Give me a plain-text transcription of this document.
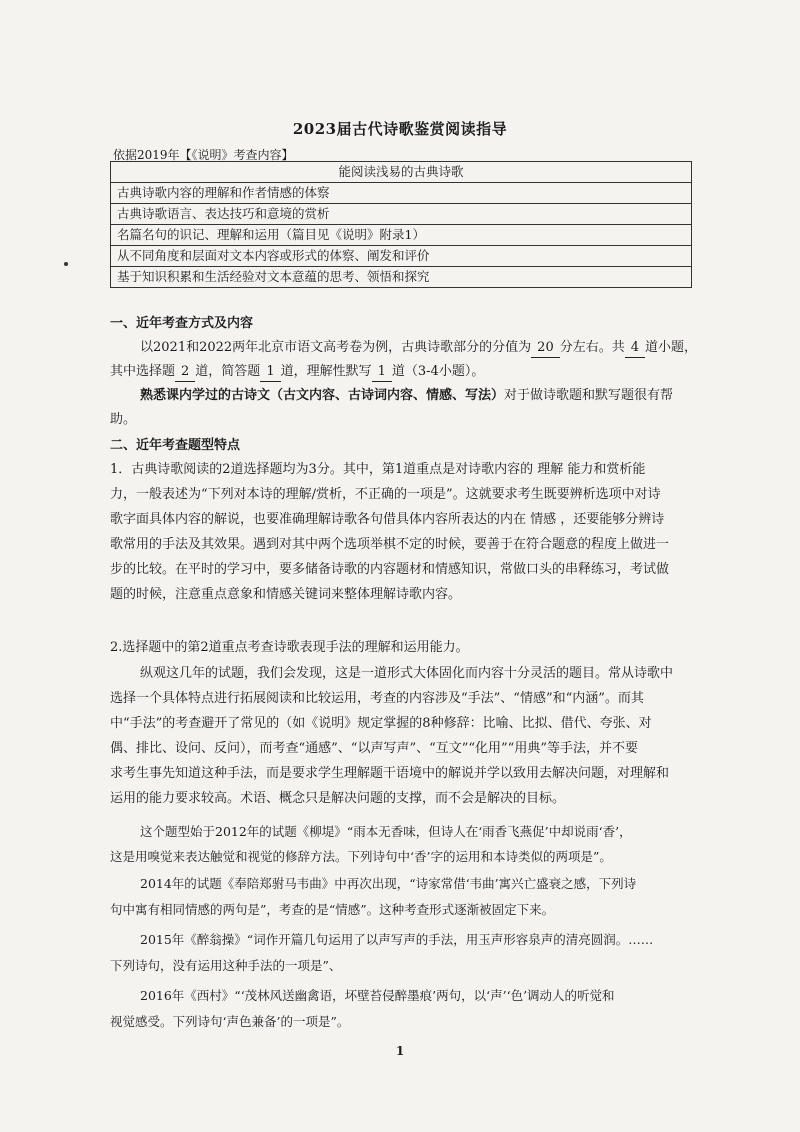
2023届古代诗歌鉴赏阅读指导
依据2019年【《说明》考查内容】
能阅读浅易的古典诗歌
古典诗歌内容的理解和作者情感的体察
古典诗歌语言、表达技巧和意境的赏析
名篇名句的识记、理解和运用（篇目见《说明》附录1）
从不同角度和层面对文本内容或形式的体察、阐发和评价
基于知识积累和生活经验对文本意蕴的思考、领悟和探究
一、近年考查方式及内容
以2021和2022两年北京市语文高考卷为例，古典诗歌部分的分值为 20 分左右。共 4 道小题，
其中选择题 2 道，简答题 1 道，理解性默写 1 道（3-4小题）。
熟悉课内学过的古诗文（古文内容、古诗词内容、情感、写法）对于做诗歌题和默写题很有帮
助。
二、近年考查题型特点
1．古典诗歌阅读的2道选择题均为3分。其中，第1道重点是对诗歌内容的 理解 能力和赏析能
力，一般表述为“下列对本诗的理解/赏析，不正确的一项是”。这就要求考生既要辨析选项中对诗
歌字面具体内容的解说，也要准确理解诗歌各句借具体内容所表达的内在 情感 ，还要能够分辨诗
歌常用的手法及其效果。遇到对其中两个选项举棋不定的时候，要善于在符合题意的程度上做进一
步的比较。在平时的学习中，要多储备诗歌的内容题材和情感知识，常做口头的串释练习，考试做
题的时候，注意重点意象和情感关键词来整体理解诗歌内容。
2.选择题中的第2道重点考查诗歌表现手法的理解和运用能力。
纵观这几年的试题，我们会发现，这是一道形式大体固化而内容十分灵活的题目。常从诗歌中
选择一个具体特点进行拓展阅读和比较运用，考查的内容涉及“手法”、“情感”和“内涵”。而其
中“手法”的考查避开了常见的（如《说明》规定掌握的8种修辞：比喻、比拟、借代、夸张、对
偶、排比、设问、反问），而考查“通感”、“以声写声”、“互文”“化用”“用典”等手法，并不要
求考生事先知道这种手法，而是要求学生理解题干语境中的解说并学以致用去解决问题，对理解和
运用的能力要求较高。术语、概念只是解决问题的支撑，而不会是解决的目标。
这个题型始于2012年的试题《柳堤》“雨本无香味，但诗人在‘雨香飞燕促’中却说雨‘香’，
这是用嗅觉来表达触觉和视觉的修辞方法。下列诗句中‘香’字的运用和本诗类似的两项是”。
2014年的试题《奉陪郑驸马韦曲》中再次出现，“诗家常借‘韦曲’寓兴亡盛衰之感，下列诗
句中寓有相同情感的两句是”，考查的是“情感”。这种考查形式逐渐被固定下来。
2015年《醉翁操》“词作开篇几句运用了以声写声的手法，用玉声形容泉声的清亮圆润。……
下列诗句，没有运用这种手法的一项是”、
2016年《西村》“‘茂林风送幽禽语，坏壁苔侵醉墨痕’两句，以‘声’‘色’调动人的听觉和
视觉感受。下列诗句‘声色兼备’的一项是”。
1
